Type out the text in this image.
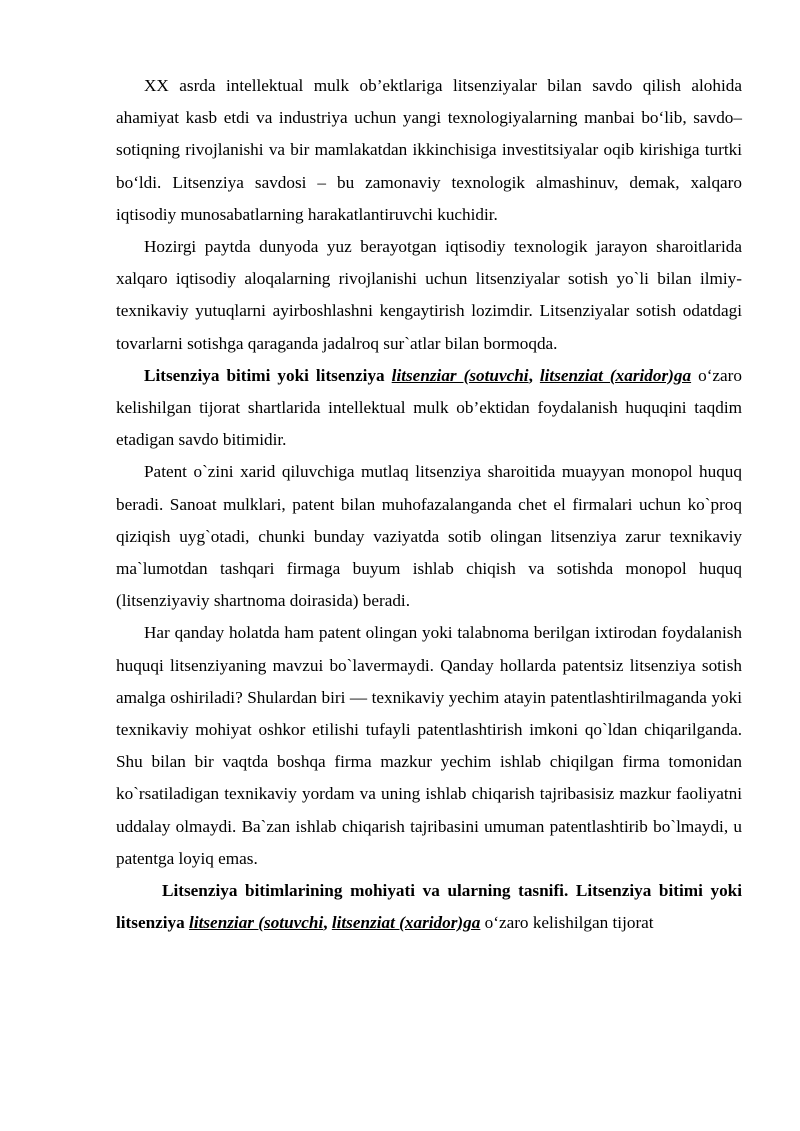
XX asrda intellektual mulk ob’ektlariga litsenziyalar bilan savdo qilish alohida ahamiyat kasb etdi va industriya uchun yangi texnologiyalarning manbai bo‘lib, savdo–sotiqning rivojlanishi va bir mamlakatdan ikkinchisiga investitsiyalar oqib kirishiga turtki bo‘ldi. Litsenziya savdosi – bu zamonaviy texnologik almashinuv, demak, xalqaro iqtisodiy munosabatlarning harakatlantiruvchi kuchidir.

Hozirgi paytda dunyoda yuz berayotgan iqtisodiy texnologik jarayon sharoitlarida xalqaro iqtisodiy aloqalarning rivojlanishi uchun litsenziyalar sotish yo`li bilan ilmiy-texnikaviy yutuqlarni ayirboshlashni kengaytirish lozimdir. Litsenziyalar sotish odatdagi tovarlarni sotishga qaraganda jadalroq sur`atlar bilan bormoqda.

Litsenziya bitimi yoki litsenziya litsenziar (sotuvchi, litsenziat (xaridor)ga o‘zaro kelishilgan tijorat shartlarida intellektual mulk ob’ektidan foydalanish huquqini taqdim etadigan savdo bitimidir.

Patent o`zini xarid qiluvchiga mutlaq litsenziya sharoitida muayyan monopol huquq beradi. Sanoat mulklari, patent bilan muhofazalanganda chet el firmalari uchun ko`proq qiziqish uyg`otadi, chunki bunday vaziyatda sotib olingan litsenziya zarur texnikaviy ma`lumotdan tashqari firmaga buyum ishlab chiqish va sotishda monopol huquq (litsenziyaviy shartnoma doirasida) beradi.

Har qanday holatda ham patent olingan yoki talabnoma berilgan ixtirodan foydalanish huquqi litsenziyaning mavzui bo`lavermaydi. Qanday hollarda patentsiz litsenziya sotish amalga oshiriladi? Shulardan biri — texnikaviy yechim atayin patentlashtirilmaganda yoki texnikaviy mohiyat oshkor etilishi tufayli patentlashtirish imkoni qo`ldan chiqarilganda. Shu bilan bir vaqtda boshqa firma mazkur yechim ishlab chiqilgan firma tomonidan ko`rsatiladigan texnikaviy yordam va uning ishlab chiqarish tajribasisiz mazkur faoliyatni uddalay olmaydi. Ba`zan ishlab chiqarish tajribasini umuman patentlashtirib bo`lmaydi, u patentga loyiq emas.

Litsenziya bitimlarining mohiyati va ularning tasnifi. Litsenziya bitimi yoki litsenziya litsenziar (sotuvchi, litsenziat (xaridor)ga o‘zaro kelishilgan tijorat
